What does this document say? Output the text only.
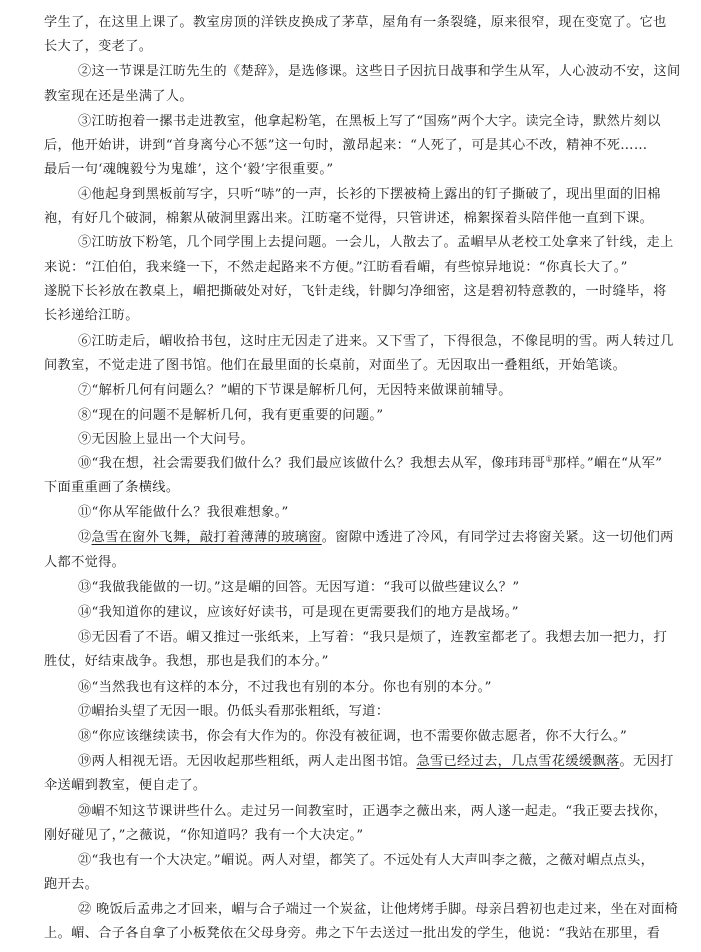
学生了，在这里上课了。教室房顶的洋铁皮换成了茅草，屋角有一条裂缝，原来很窄，现在变宽了。它也
长大了，变老了。
②这一节课是江昉先生的《楚辞》，是选修课。这些日子因抗日战事和学生从军，人心波动不安，这间
教室现在还是坐满了人。
③江昉抱着一摞书走进教室，他拿起粉笔，在黑板上写了“国殇”两个大字。读完全诗，默然片刻以
后，他开始讲，讲到“首身离兮心不惩”这一句时，激昂起来：“人死了，可是其心不改，精神不死……
最后一句‘魂魄毅兮为鬼雄’，这个‘毅’字很重要。”
④他起身到黑板前写字，只听“哧”的一声，长衫的下摆被椅上露出的钉子撕破了，现出里面的旧棉
袍，有好几个破洞，棉絮从破洞里露出来。江昉毫不觉得，只管讲述，棉絮探着头陪伴他一直到下课。
⑤江昉放下粉笔，几个同学围上去提问题。一会儿，人散去了。孟嵋早从老校工处拿来了针线，走上
来说：“江伯伯，我来缝一下，不然走起路来不方便。”江昉看看嵋，有些惊异地说：“你真长大了。”
遂脱下长衫放在教桌上，嵋把撕破处对好，飞针走线，针脚匀净细密，这是碧初特意教的，一时缝毕，将
长衫递给江昉。
⑥江昉走后，嵋收拾书包，这时庄无因走了进来。又下雪了，下得很急，不像昆明的雪。两人转过几
间教室，不觉走进了图书馆。他们在最里面的长桌前，对面坐了。无因取出一叠粗纸，开始笔谈。
⑦“解析几何有问题么？”嵋的下节课是解析几何，无因特来做课前辅导。
⑧“现在的问题不是解析几何，我有更重要的问题。”
⑨无因脸上显出一个大问号。
⑩“我在想，社会需要我们做什么？我们最应该做什么？我想去从军，像玮玮哥①那样。”嵋在“从军”
下面重重画了条横线。
⑪“你从军能做什么？我很难想象。”
⑫急雪在窗外飞舞，敲打着薄薄的玻璃窗。窗隙中透进了冷风，有同学过去将窗关紧。这一切他们两
人都不觉得。
⑬“我做我能做的一切。”这是嵋的回答。无因写道：“我可以做些建议么？”
⑭“我知道你的建议，应该好好读书，可是现在更需要我们的地方是战场。”
⑮无因看了不语。嵋又推过一张纸来，上写着：“我只是烦了，连教室都老了。我想去加一把力，打
胜仗，好结束战争。我想，那也是我们的本分。”
⑯“当然我也有这样的本分，不过我也有别的本分。你也有别的本分。”
⑰嵋抬头望了无因一眼。仍低头看那张粗纸，写道：
⑱“你应该继续读书，你会有大作为的。你没有被征调，也不需要你做志愿者，你不大行么。”
⑲两人相视无语。无因收起那些粗纸，两人走出图书馆。急雪已经过去，几点雪花缓缓飘落。无因打
伞送嵋到教室，便自走了。
⑳嵋不知这节课讲些什么。走过另一间教室时，正遇李之薇出来，两人遂一起走。“我正要去找你，
刚好碰见了，”之薇说，“你知道吗？我有一个大决定。”
㉑“我也有一个大决定。”嵋说。两人对望，都笑了。不远处有人大声叫李之薇，之薇对嵋点点头，
跑开去。
㉒ 晚饭后孟弗之才回来，嵋与合子端过一个炭盆，让他烤烤手脚。母亲吕碧初也走过来，坐在对面椅
上。嵋、合子各自拿了小板凳依在父母身旁。弗之下午去送过一批出发的学生，他说：“我站在那里，看
